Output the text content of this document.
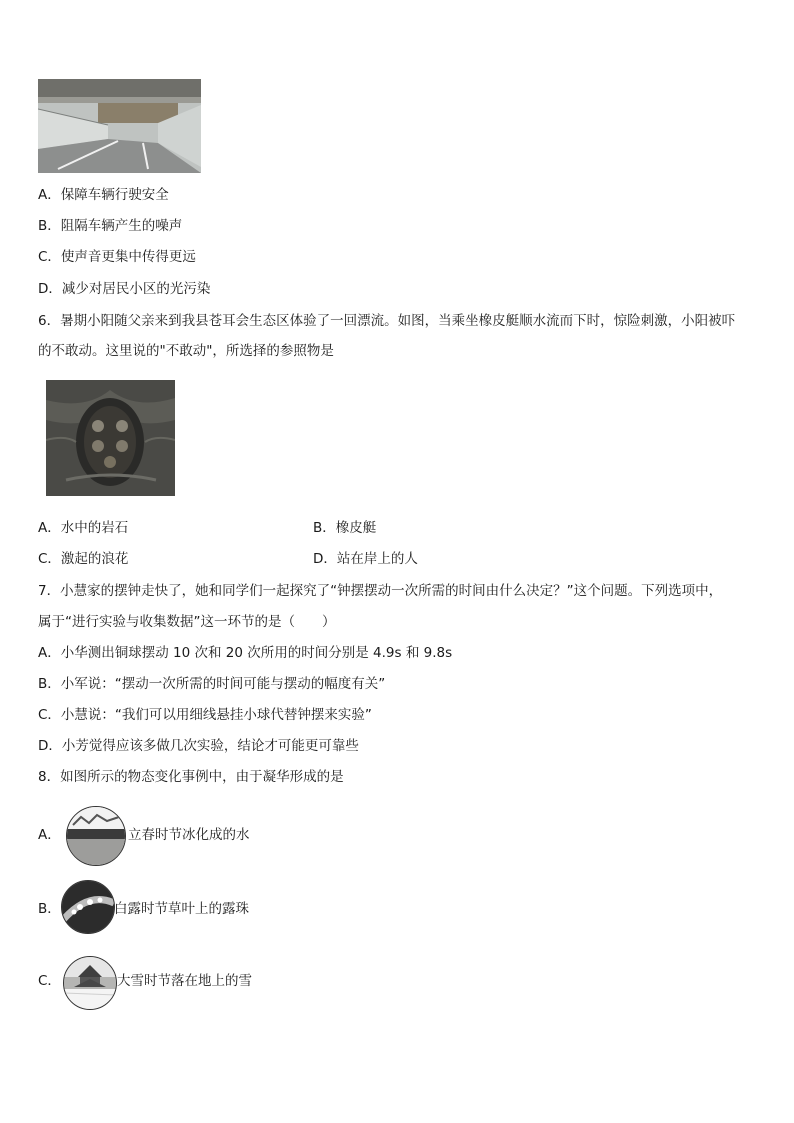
A．保障车辆行驶安全
B．阻隔车辆产生的噪声
C．使声音更集中传得更远
D．减少对居民小区的光污染
6．暑期小阳随父亲来到我县苍耳会生态区体验了一回漂流。如图，当乘坐橡皮艇顺水流而下时，惊险刺激，小阳被吓
的不敢动。这里说的"不敢动"，所选择的参照物是
A．水中的岩石	B．橡皮艇
C．激起的浪花	D．站在岸上的人
7．小慧家的摆钟走快了，她和同学们一起探究了“钟摆摆动一次所需的时间由什么决定？”这个问题。下列选项中，
属于“进行实验与收集数据”这一环节的是（　　）
A．小华测出铜球摆动 10 次和 20 次所用的时间分别是 4.9s 和 9.8s
B．小军说：“摆动一次所需的时间可能与摆动的幅度有关”
C．小慧说：“我们可以用细线悬挂小球代替钟摆来实验”
D．小芳觉得应该多做几次实验，结论才可能更可靠些
8．如图所示的物态变化事例中，由于凝华形成的是
A．	立春时节冰化成的水
B．	白露时节草叶上的露珠
C．	大雪时节落在地上的雪
